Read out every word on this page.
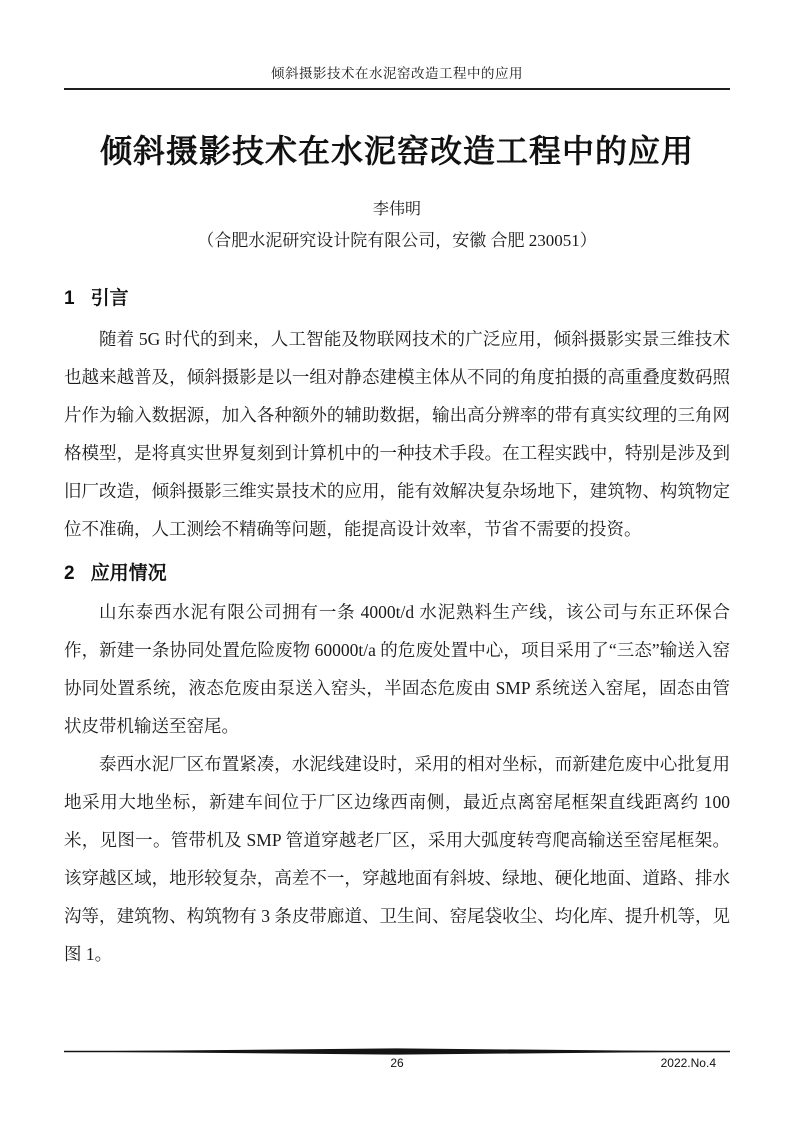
倾斜摄影技术在水泥窑改造工程中的应用
倾斜摄影技术在水泥窑改造工程中的应用
李伟明
（合肥水泥研究设计院有限公司，安徽 合肥 230051）
1 引言

随着 5G 时代的到来，人工智能及物联网技术的广泛应用，倾斜摄影实景三维技术也越来越普及，倾斜摄影是以一组对静态建模主体从不同的角度拍摄的高重叠度数码照片作为输入数据源，加入各种额外的辅助数据，输出高分辨率的带有真实纹理的三角网格模型，是将真实世界复刻到计算机中的一种技术手段。在工程实践中，特别是涉及到旧厂改造，倾斜摄影三维实景技术的应用，能有效解决复杂场地下，建筑物、构筑物定位不准确，人工测绘不精确等问题，能提高设计效率，节省不需要的投资。

2 应用情况

山东泰西水泥有限公司拥有一条 4000t/d 水泥熟料生产线，该公司与东正环保合作，新建一条协同处置危险废物 60000t/a 的危废处置中心，项目采用了“三态”输送入窑协同处置系统，液态危废由泵送入窑头，半固态危废由 SMP 系统送入窑尾，固态由管状皮带机输送至窑尾。

泰西水泥厂区布置紧凑，水泥线建设时，采用的相对坐标，而新建危废中心批复用地采用大地坐标，新建车间位于厂区边缘西南侧，最近点离窑尾框架直线距离约 100 米，见图一。管带机及 SMP 管道穿越老厂区，采用大弧度转弯爬高输送至窑尾框架。该穿越区域，地形较复杂，高差不一，穿越地面有斜坡、绿地、硬化地面、道路、排水沟等，建筑物、构筑物有 3 条皮带廊道、卫生间、窑尾袋收尘、均化库、提升机等，见图 1。

26	2022.No.4
